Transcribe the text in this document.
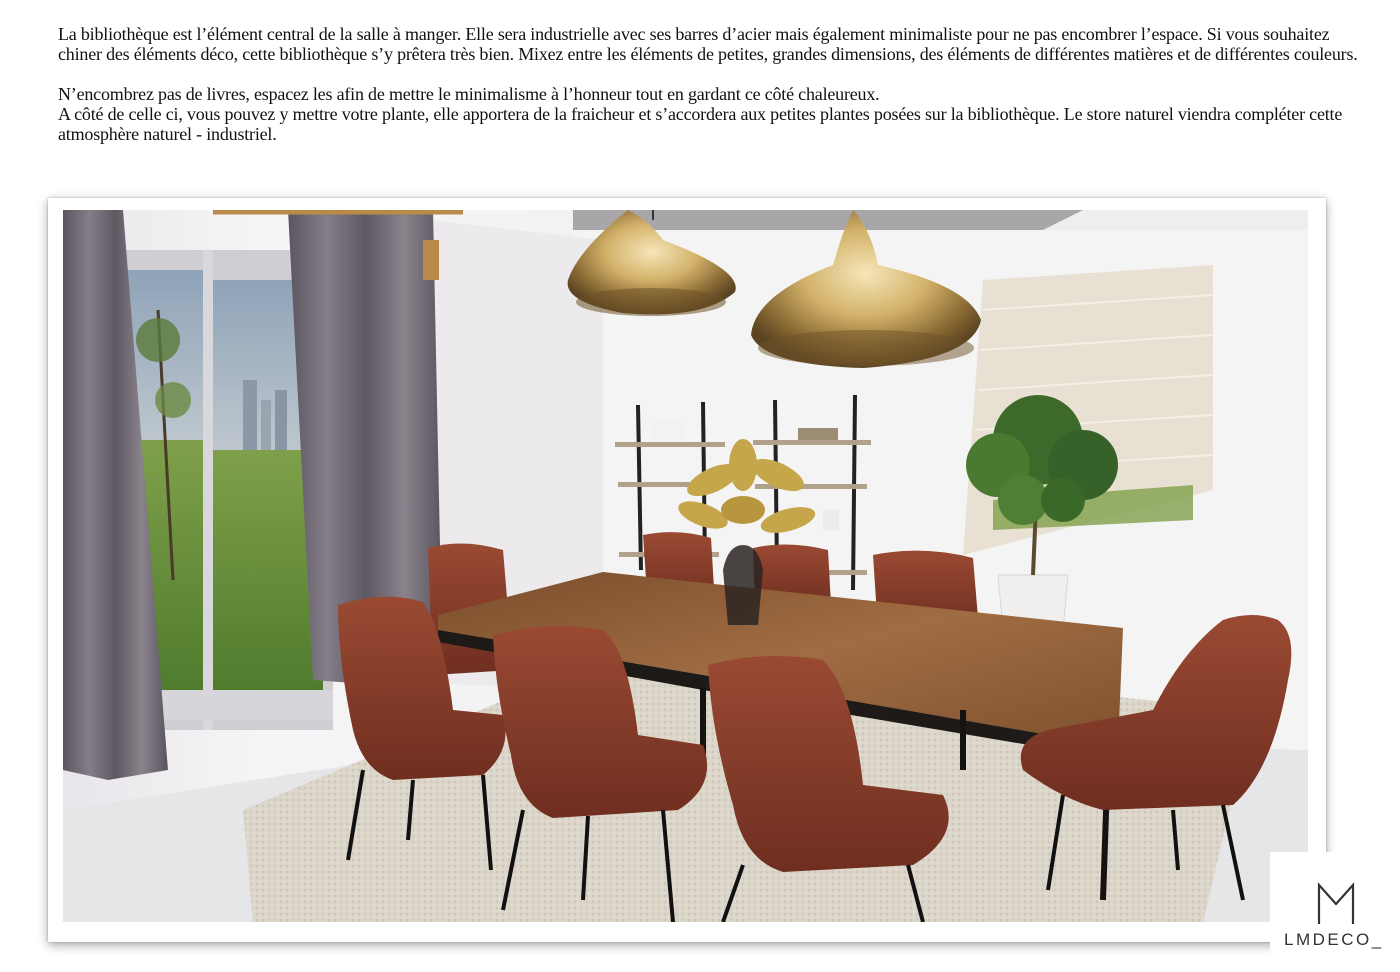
La bibliothèque est l’élément central de la salle à manger. Elle sera industrielle avec ses barres d’acier mais également minimaliste pour ne pas encombrer l’espace. Si vous souhaitez chiner des éléments déco, cette bibliothèque s’y prêtera très bien. Mixez entre les éléments de petites, grandes dimensions, des éléments de différentes matières et de différentes couleurs.

N’encombrez pas de livres, espacez les afin de mettre le minimalisme à l’honneur tout en gardant ce côté chaleureux.

A côté de celle ci, vous pouvez y mettre votre plante, elle apportera de la fraicheur et s’accordera aux petites plantes posées sur la bibliothèque. Le store naturel viendra compléter cette atmosphère naturel - industriel.

LMDECO_
